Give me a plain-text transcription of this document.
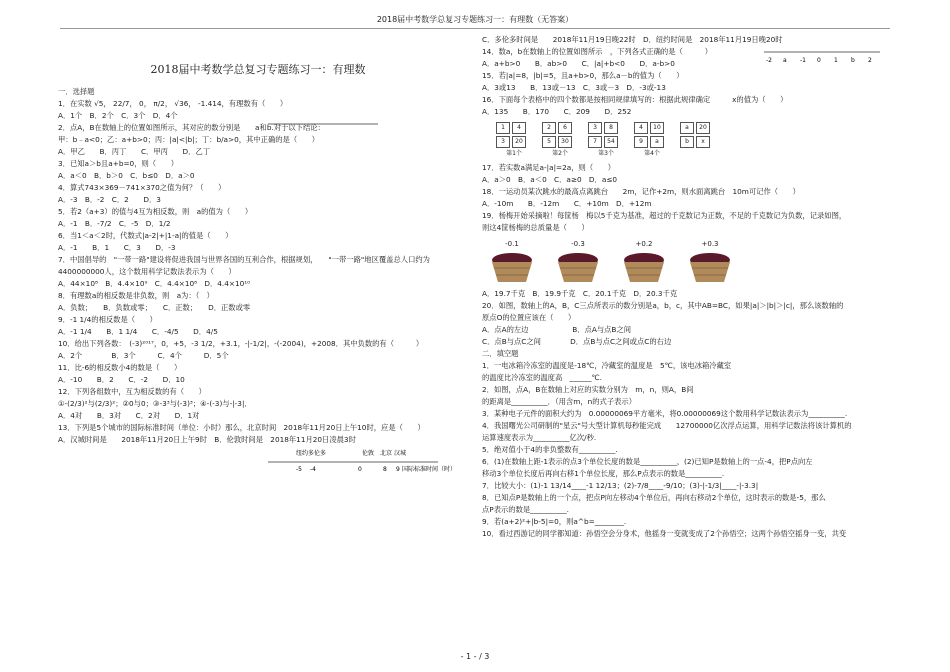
2018届中考数学总复习专题练习一：有理数（无答案）
2018届中考数学总复习专题练习一：有理数
一．选择题
1．在实数 √5， 22/7， 0， π/2， √36， -1.414，有理数有（　　）
A．1个　B．2个　C．3个　D．4个
2．点A，B在数轴上的位置如图所示，其对应的数分别是　　a和b.对于以下结论：
甲：b﹣a<0；乙：a+b>0；丙：|a|<|b|；丁：b/a>0，其中正确的是（　　）
A．甲乙　　B．丙丁　　C．甲丙　　D．乙丁
3．已知a＞b且a+b=0，则（　　）
A．a＜0　B．b＞0　C．b≤0　D．a＞0
4．算式743×369－741×370之值为何？（　　）
A．-3　B．-2　C．2　　D．3
5．若2（a+3）的值与4互为相反数，则　a的值为（　　）
A．-1　B．-7/2　C．-5　D．1/2
6．当1＜a＜2时，代数式|a-2|+|1-a|的值是（　　）
A．-1　　B．1　　C．3　　D．-3
7．中国倡导的　"一带一路"建设将促进我国与世界各国的互利合作，根据规划，　　"一带一路"地区覆盖总人口约为
4400000000人，这个数用科学记数法表示为（　　）
A．44×10⁸　B．4.4×10⁹　C．4.4×10⁸　D．4.4×10¹⁰
8．有理数a的相反数是非负数，则　a为：（　）
A．负数；　　B．负数或零；　　C．正数；　　D．正数或零
9．-1 1/4的相反数是（　　）
A．-1 1/4　　B．1 1/4　　C．-4/5　　D．4/5
10．给出下列各数：　(-3)²⁰¹⁷，0，+5，-3 1/2，+3.1，-|-1/2|，-(-2004)，+2008．其中负数的有（　　　）
A．2个　　　　B．3个　　　C．4个　　　D．5个
11．比-6的相反数小4的数是（　　）
A．-10　　B．2　　C．-2　　D．10
12．下列各组数中，互为相反数的有（　　）
①-(2/3)²与(2/3)²；②0与0；③-3³与(-3)³；④-(-3)与-|-3|．
A．4对　　B．3对　　C．2对　　D．1对
13．下列是5个城市的国际标准时间（单位：小时）那么，北京时间　2018年11月20日上午10时，应是（　　）
A．汉城时间是　　2018年11月20日上午9时　B．伦敦时间是　2018年11月20日凌晨3时
纽约 多伦多	伦敦 北京 汉城
-5 -4	0	8 9 国际标准时间（时）
C．多伦多时间是　　2018年11月19日晚22时　D．纽约时间是　2018年11月19日晚20时
14．数a，b在数轴上的位置如图所示　，下列各式正确的是（　　　）
-2 a -1 0 1 b 2
A．a+b>0　　B．ab>0　　C．|a|+b<0　　D．a-b>0
15．若|a|=8，|b|=5，且a+b>0，那么a－b的值为（　　）
A．3或13　　B．13或－13　C．3或－3　D．-3或-13
16．下面每个表格中的四个数都是按相同规律填写的：根据此规律确定　　　x的值为（　　）
A．135　　B．170　　C．209　　D．252
1	4
3	20
第1个
2	6
5	30
第2个
3	8
7	54
第3个
4	10
9	a
第4个
a	20
b	x
17．若实数a满足a-|a|=2a，则（　　）
A．a＞0　B．a＜0　C．a≥0　D．a≤0
18．一运动员某次跳水的最高点离跳台　　2m，记作+2m，则水面离跳台　10m可记作（　　）
A．-10m　　B．-12m　　C．+10m　D．+12m
19．杨梅开始采摘啦！每筐杨　梅以5千克为基准，超过的千克数记为正数，不足的千克数记为负数，记录如图，
则这4筐杨梅的总质量是（　　）
-0.1	-0.3	+0.2	+0.3
A．19.7千克　B．19.9千克　C．20.1千克　D．20.3千克
20．如图，数轴上的A，B，C三点所表示的数分别是a，b，c，其中AB=BC，如果|a|＞|b|＞|c|，那么该数轴的
原点O的位置应该在（　　）
A．点A的左边　　　　　　B．点A与点B之间
C．点B与点C之间　　　　D．点B与点C之间或点C的右边
二．填空题
1．一电冰箱冷冻室的温度是-18℃，冷藏室的温度是　5℃，该电冰箱冷藏室
的温度比冷冻室的温度高　______℃.
2．如图，点A，B在数轴上对应的实数分别为　m，n，则A，B间
的距离是__________．（用含m，n的式子表示）
3．某种电子元件的面积大约为　0.00000069平方毫米，将0.00000069这个数用科学记数法表示为__________.
4．我国曙光公司研制的"星云"号大型计算机每秒能完成　　12700000亿次浮点运算，用科学记数法将该计算机的
运算速度表示为__________亿次/秒.
5．绝对值小于4的非负整数有__________.
6．(1)在数轴上距-1表示的点3个单位长度的数是__________，(2)已知P是数轴上的一点-4，把P点向左
移动3个单位长度后再向右移1个单位长度，那么P点表示的数是__________.
7．比较大小：(1)-1 13/14____-1 12/13；(2)-7/8____-9/10；(3)-|-1/3|____-|-3.3|
8．已知点P是数轴上的一个点，把点P向左移动4个单位后，再向右移动2个单位，这时表示的数是-5，那么
点P表示的数是__________.
9．若(a+2)²+|b-5|=0，则a^b=________.
10．看过西游记的同学都知道：孙悟空会分身术，他摇身一变就变成了2个孙悟空；这两个孙悟空摇身一变，共变
- 1 - / 3
